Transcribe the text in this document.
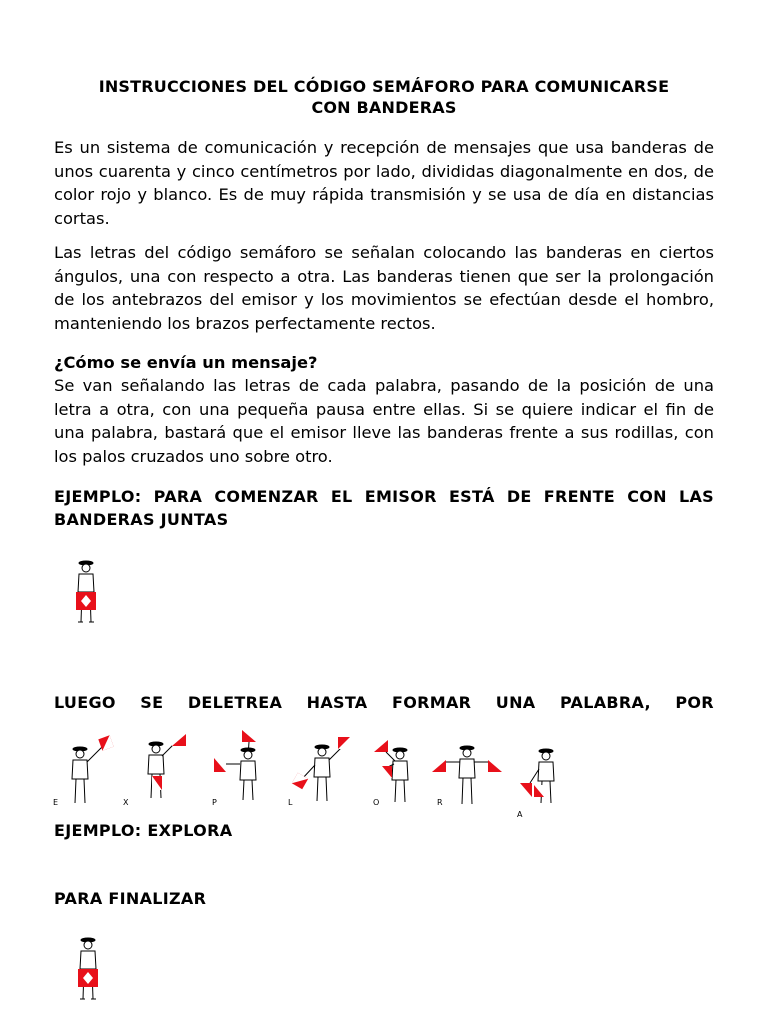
INSTRUCCIONES DEL CÓDIGO SEMÁFORO PARA COMUNICARSE
CON BANDERAS
Es un sistema de comunicación y recepción de mensajes que usa banderas de unos cuarenta y cinco centímetros por lado, divididas diagonalmente en dos, de color rojo y blanco. Es de muy rápida transmisión y se usa de día en distancias cortas.
Las letras del código semáforo se señalan colocando las banderas en ciertos ángulos, una con respecto a otra. Las banderas tienen que ser la prolongación de los antebrazos del emisor y los movimientos se efectúan desde el hombro, manteniendo los brazos perfectamente rectos.
¿Cómo se envía un mensaje?
Se van señalando las letras de cada palabra, pasando de la posición de una letra a otra, con una pequeña pausa entre ellas. Si se quiere indicar el fin de una palabra, bastará que el emisor lleve las banderas frente a sus rodillas, con los palos cruzados uno sobre otro.
EJEMPLO: PARA COMENZAR EL EMISOR ESTÁ DE FRENTE CON LAS BANDERAS JUNTAS
LUEGO SE DELETREA HASTA FORMAR UNA PALABRA, POR
EJEMPLO: EXPLORA
PARA FINALIZAR
E	X	P	L	O	R
A
